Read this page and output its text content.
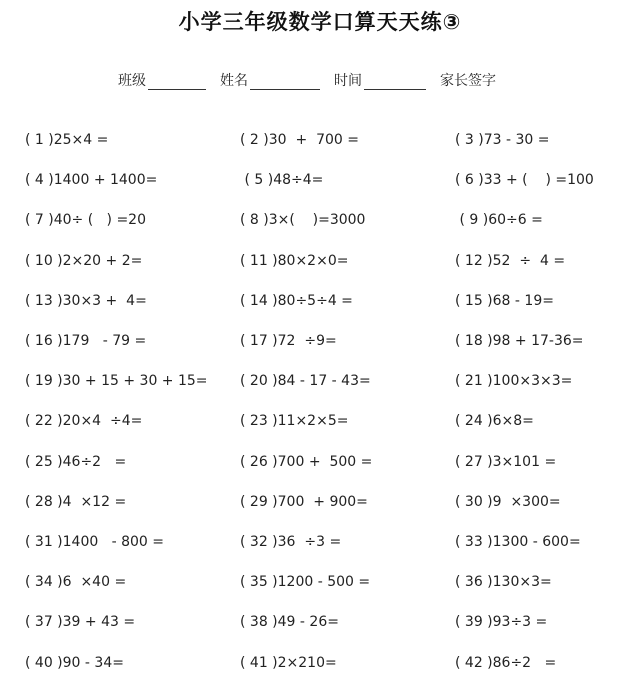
小学三年级数学口算天天练③
班级	姓名	时间	家长签字
( 1 ) 25×4 =	( 2 ) 30  +  700 =	( 3 ) 73 - 30 =
( 4 ) 1400 + 1400=	( 5 ) 48÷4=	( 6 ) 33 + (    ) =100
( 7 ) 40÷ (   ) =20	( 8 ) 3×(    )=3000	( 9 ) 60÷6 =
( 10 ) 2×20 + 2=	( 11 ) 80×2×0=	( 12 ) 52  ÷  4 =
( 13 ) 30×3 +  4=	( 14 ) 80÷5÷4 =	( 15 ) 68 - 19=
( 16 ) 179   - 79 =	( 17 ) 72  ÷9=	( 18 ) 98 + 17-36=
( 19 ) 30 + 15 + 30 + 15= ( 20 ) 84 - 17 - 43=	( 21 ) 100×3×3=
( 22 ) 20×4  ÷4=	( 23 ) 11×2×5=	( 24 ) 6×8=
( 25 ) 46÷2   =	( 26 ) 700 +  500 =	( 27 ) 3×101 =
( 28 ) 4  ×12 =	( 29 ) 700  + 900=	( 30 ) 9  ×300=
( 31 ) 1400   - 800 =	( 32 ) 36  ÷3 =	( 33 ) 1300 - 600=
( 34 ) 6  ×40 =	( 35 ) 1200 - 500 =	( 36 ) 130×3=
( 37 ) 39 + 43 =	( 38 ) 49 - 26=	( 39 ) 93÷3 =
( 40 ) 90 - 34=	( 41 ) 2×210=	( 42 ) 86÷2   =
